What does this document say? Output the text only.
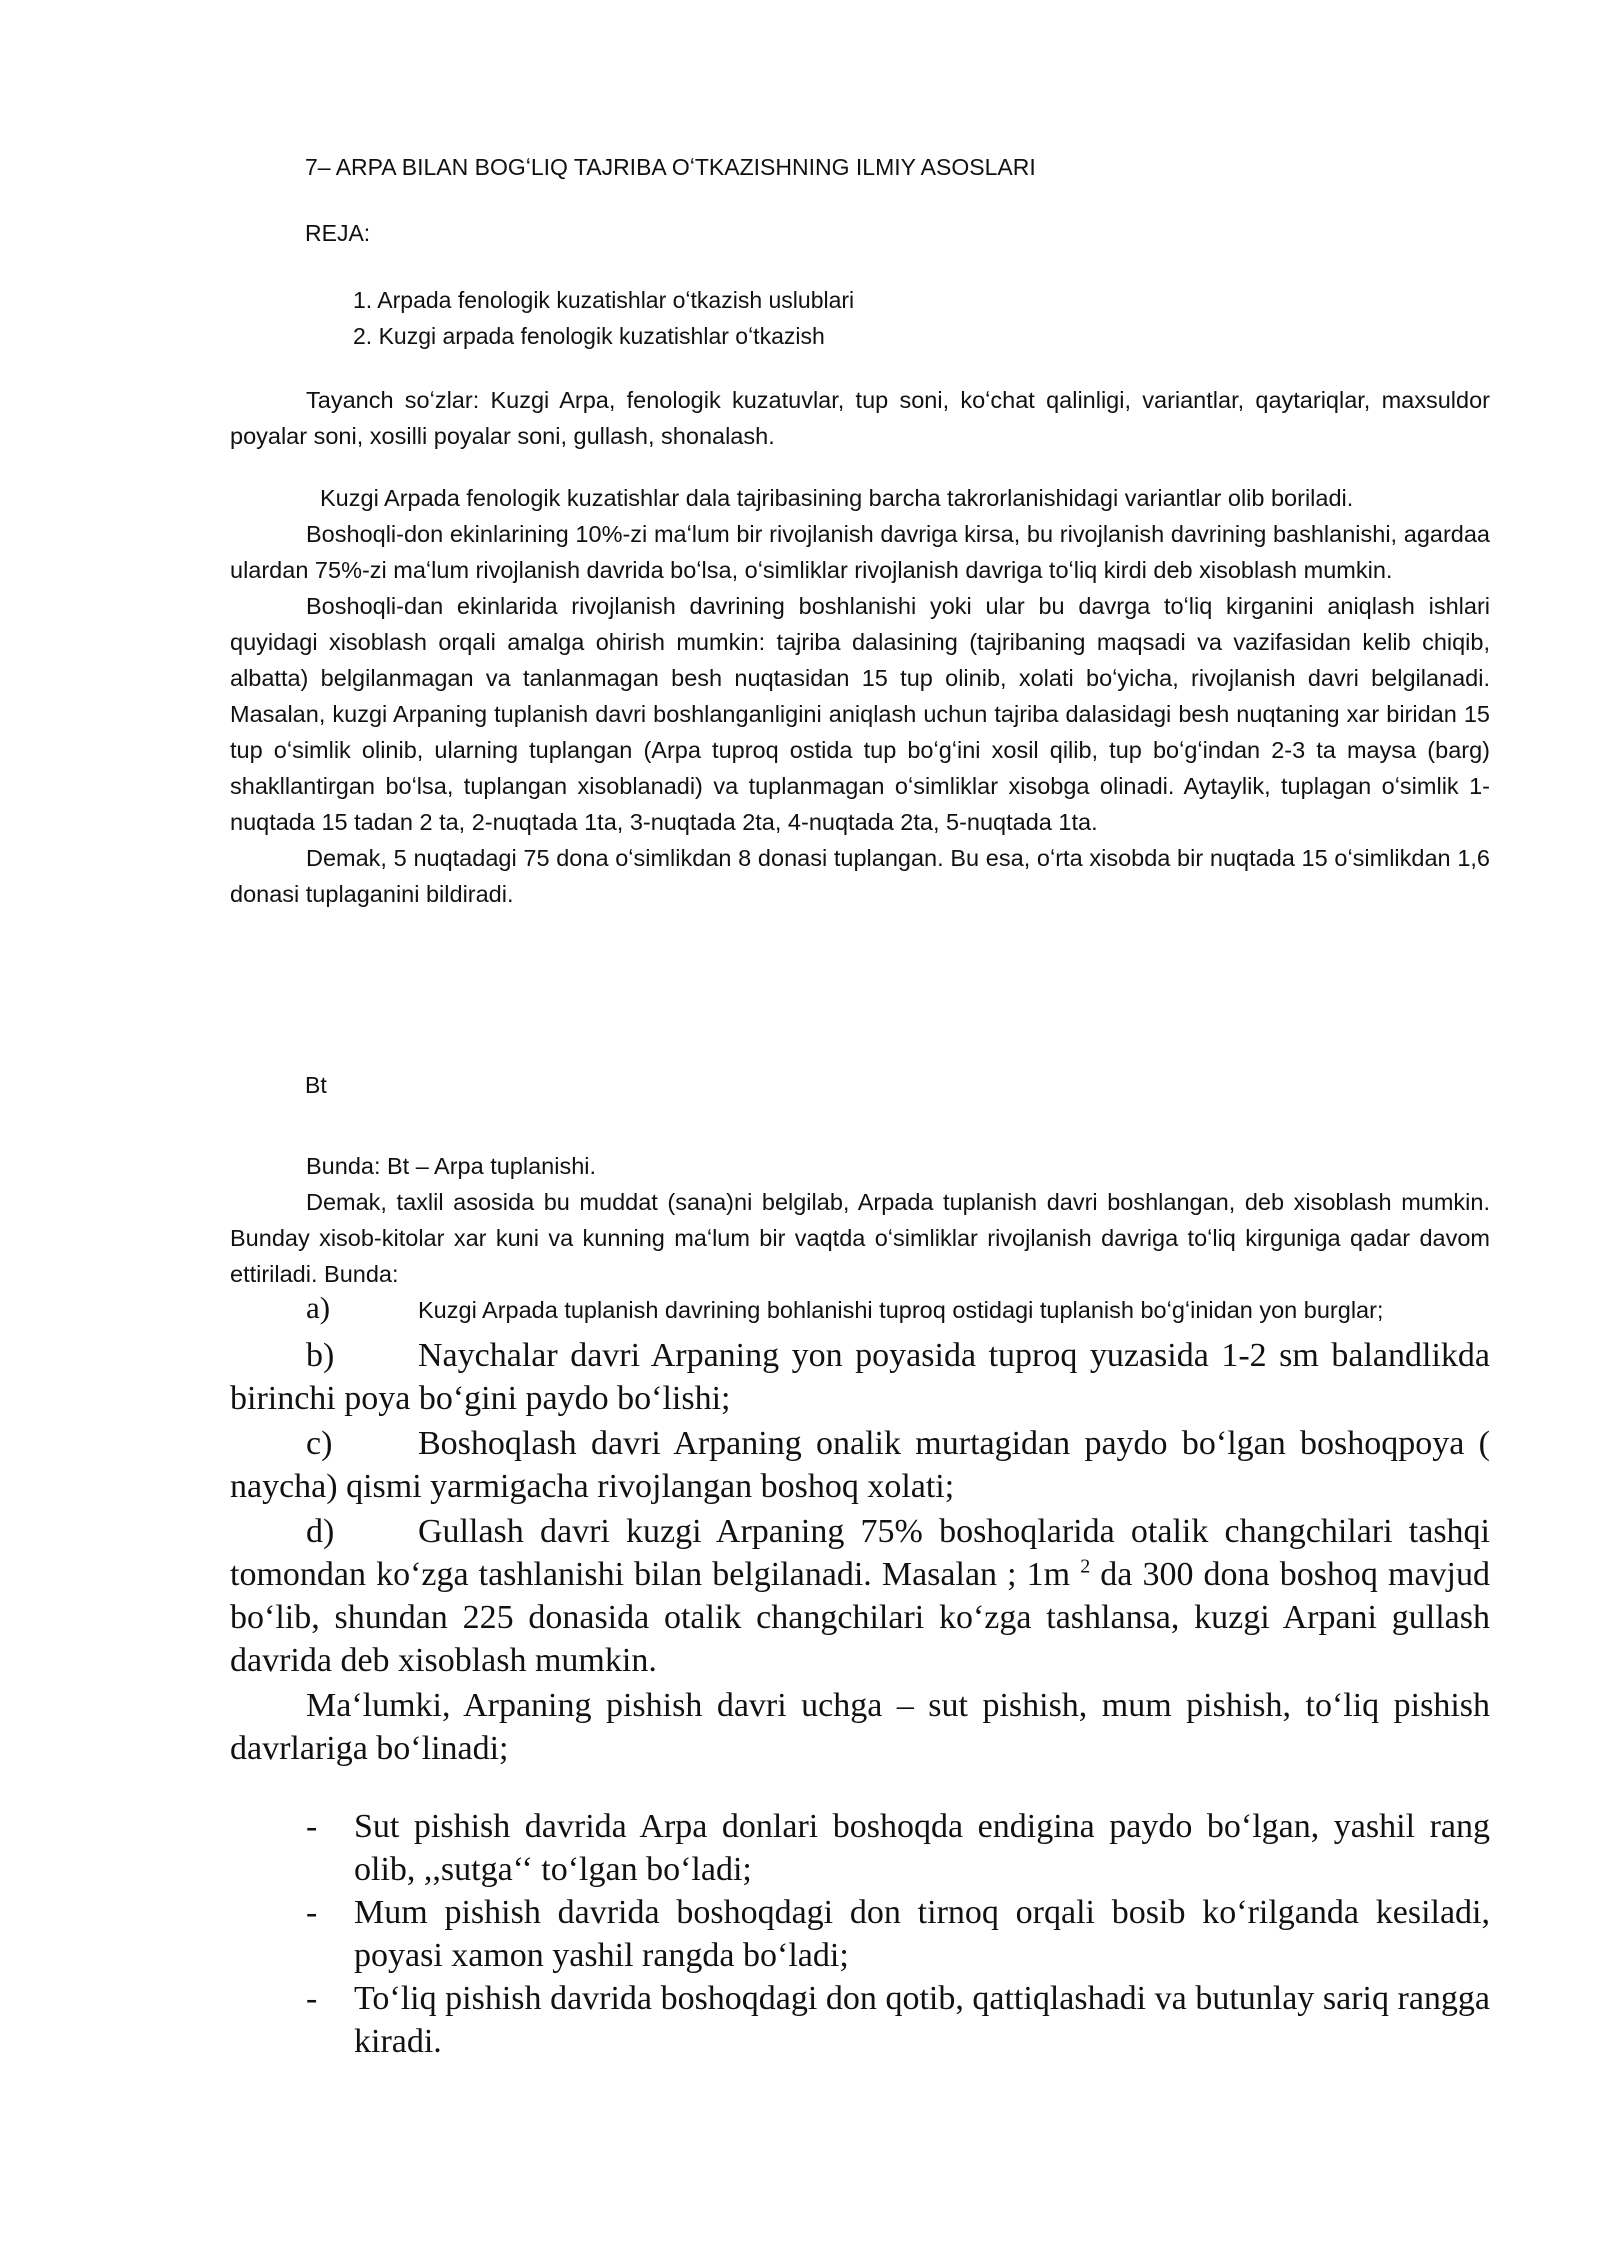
7– ARPA BILAN BOGʻLIQ TAJRIBA OʻTKAZISHNING ILMIY ASOSLARI
REJA:
1. Arpada fenologik kuzatishlar oʻtkazish uslublari
2. Kuzgi arpada fenologik kuzatishlar oʻtkazish

Tayanch soʻzlar: Kuzgi Arpa, fenologik kuzatuvlar, tup soni, koʻchat qalinligi, variantlar, qaytariqlar, maxsuldor poyalar soni, xosilli poyalar soni, gullash, shonalash.

Kuzgi Arpada fenologik kuzatishlar dala tajribasining barcha takrorlanishidagi variantlar olib boriladi.

Boshoqli-don ekinlarining 10%-zi maʻlum bir rivojlanish davriga kirsa, bu rivojlanish davrining bashlanishi, agardaa ulardan 75%-zi maʻlum rivojlanish davrida boʻlsa, oʻsimliklar rivojlanish davriga toʻliq kirdi deb xisoblash mumkin.

Boshoqli-dan ekinlarida rivojlanish davrining boshlanishi yoki ular bu davrga toʻliq kirganini aniqlash ishlari quyidagi xisoblash orqali amalga ohirish mumkin: tajriba dalasining (tajribaning maqsadi va vazifasidan kelib chiqib, albatta) belgilanmagan va tanlanmagan besh nuqtasidan 15 tup olinib, xolati boʻyicha, rivojlanish davri belgilanadi. Masalan, kuzgi Arpaning tuplanish davri boshlanganligini aniqlash uchun tajriba dalasidagi besh nuqtaning xar biridan 15 tup oʻsimlik olinib, ularning tuplangan (Arpa tuproq ostida tup boʻgʻini xosil qilib, tup boʻgʻindan 2-3 ta maysa (barg) shakllantirgan boʻlsa, tuplangan xisoblanadi) va tuplanmagan oʻsimliklar xisobga olinadi. Aytaylik, tuplagan oʻsimlik 1-nuqtada 15 tadan 2 ta, 2-nuqtada 1ta, 3-nuqtada 2ta, 4-nuqtada 2ta, 5-nuqtada 1ta.

Demak, 5 nuqtadagi 75 dona oʻsimlikdan 8 donasi tuplangan. Bu esa, oʻrta xisobda bir nuqtada 15 oʻsimlikdan 1,6 donasi tuplaganini bildiradi.

Bt

Bunda: Bt – Arpa tuplanishi.

Demak, taxlil asosida bu muddat (sana)ni belgilab, Arpada tuplanish davri boshlangan, deb xisoblash mumkin. Bunday xisob-kitolar xar kuni va kunning maʻlum bir vaqtda oʻsimliklar rivojlanish davriga toʻliq kirguniga qadar davom ettiriladi. Bunda:

a)	Kuzgi Arpada tuplanish davrining bohlanishi tuproq ostidagi tuplanish boʻgʻinidan yon burglar;

b) Naychalar davri Arpaning yon poyasida tuproq yuzasida 1-2 sm balandlikda birinchi poya boʻgini paydo boʻlishi;

c)	Boshoqlash davri Arpaning onalik murtagidan paydo boʻlgan boshoqpoya ( naycha) qismi yarmigacha rivojlangan boshoq xolati;

d) Gullash davri kuzgi Arpaning 75% boshoqlarida otalik changchilari tashqi tomondan koʻzga tashlanishi bilan belgilanadi. Masalan ; 1m $^2$ da 300 dona boshoq mavjud boʻlib, shundan 225 donasida otalik changchilari koʻzga tashlansa, kuzgi Arpani gullash davrida deb xisoblash mumkin.

Maʻlumki, Arpaning pishish davri uchga – sut pishish, mum pishish, toʻliq pishish davrlariga boʻlinadi;

- Sut pishish davrida Arpa donlari boshoqda endigina paydo boʻlgan, yashil rang olib, ,,sutga‘‘ toʻlgan boʻladi;
- Mum pishish davrida boshoqdagi don tirnoq orqali bosib koʻrilganda kesiladi, poyasi xamon yashil rangda boʻladi;
- Toʻliq pishish davrida boshoqdagi don qotib, qattiqlashadi va butunlay sariq rangga kiradi.
